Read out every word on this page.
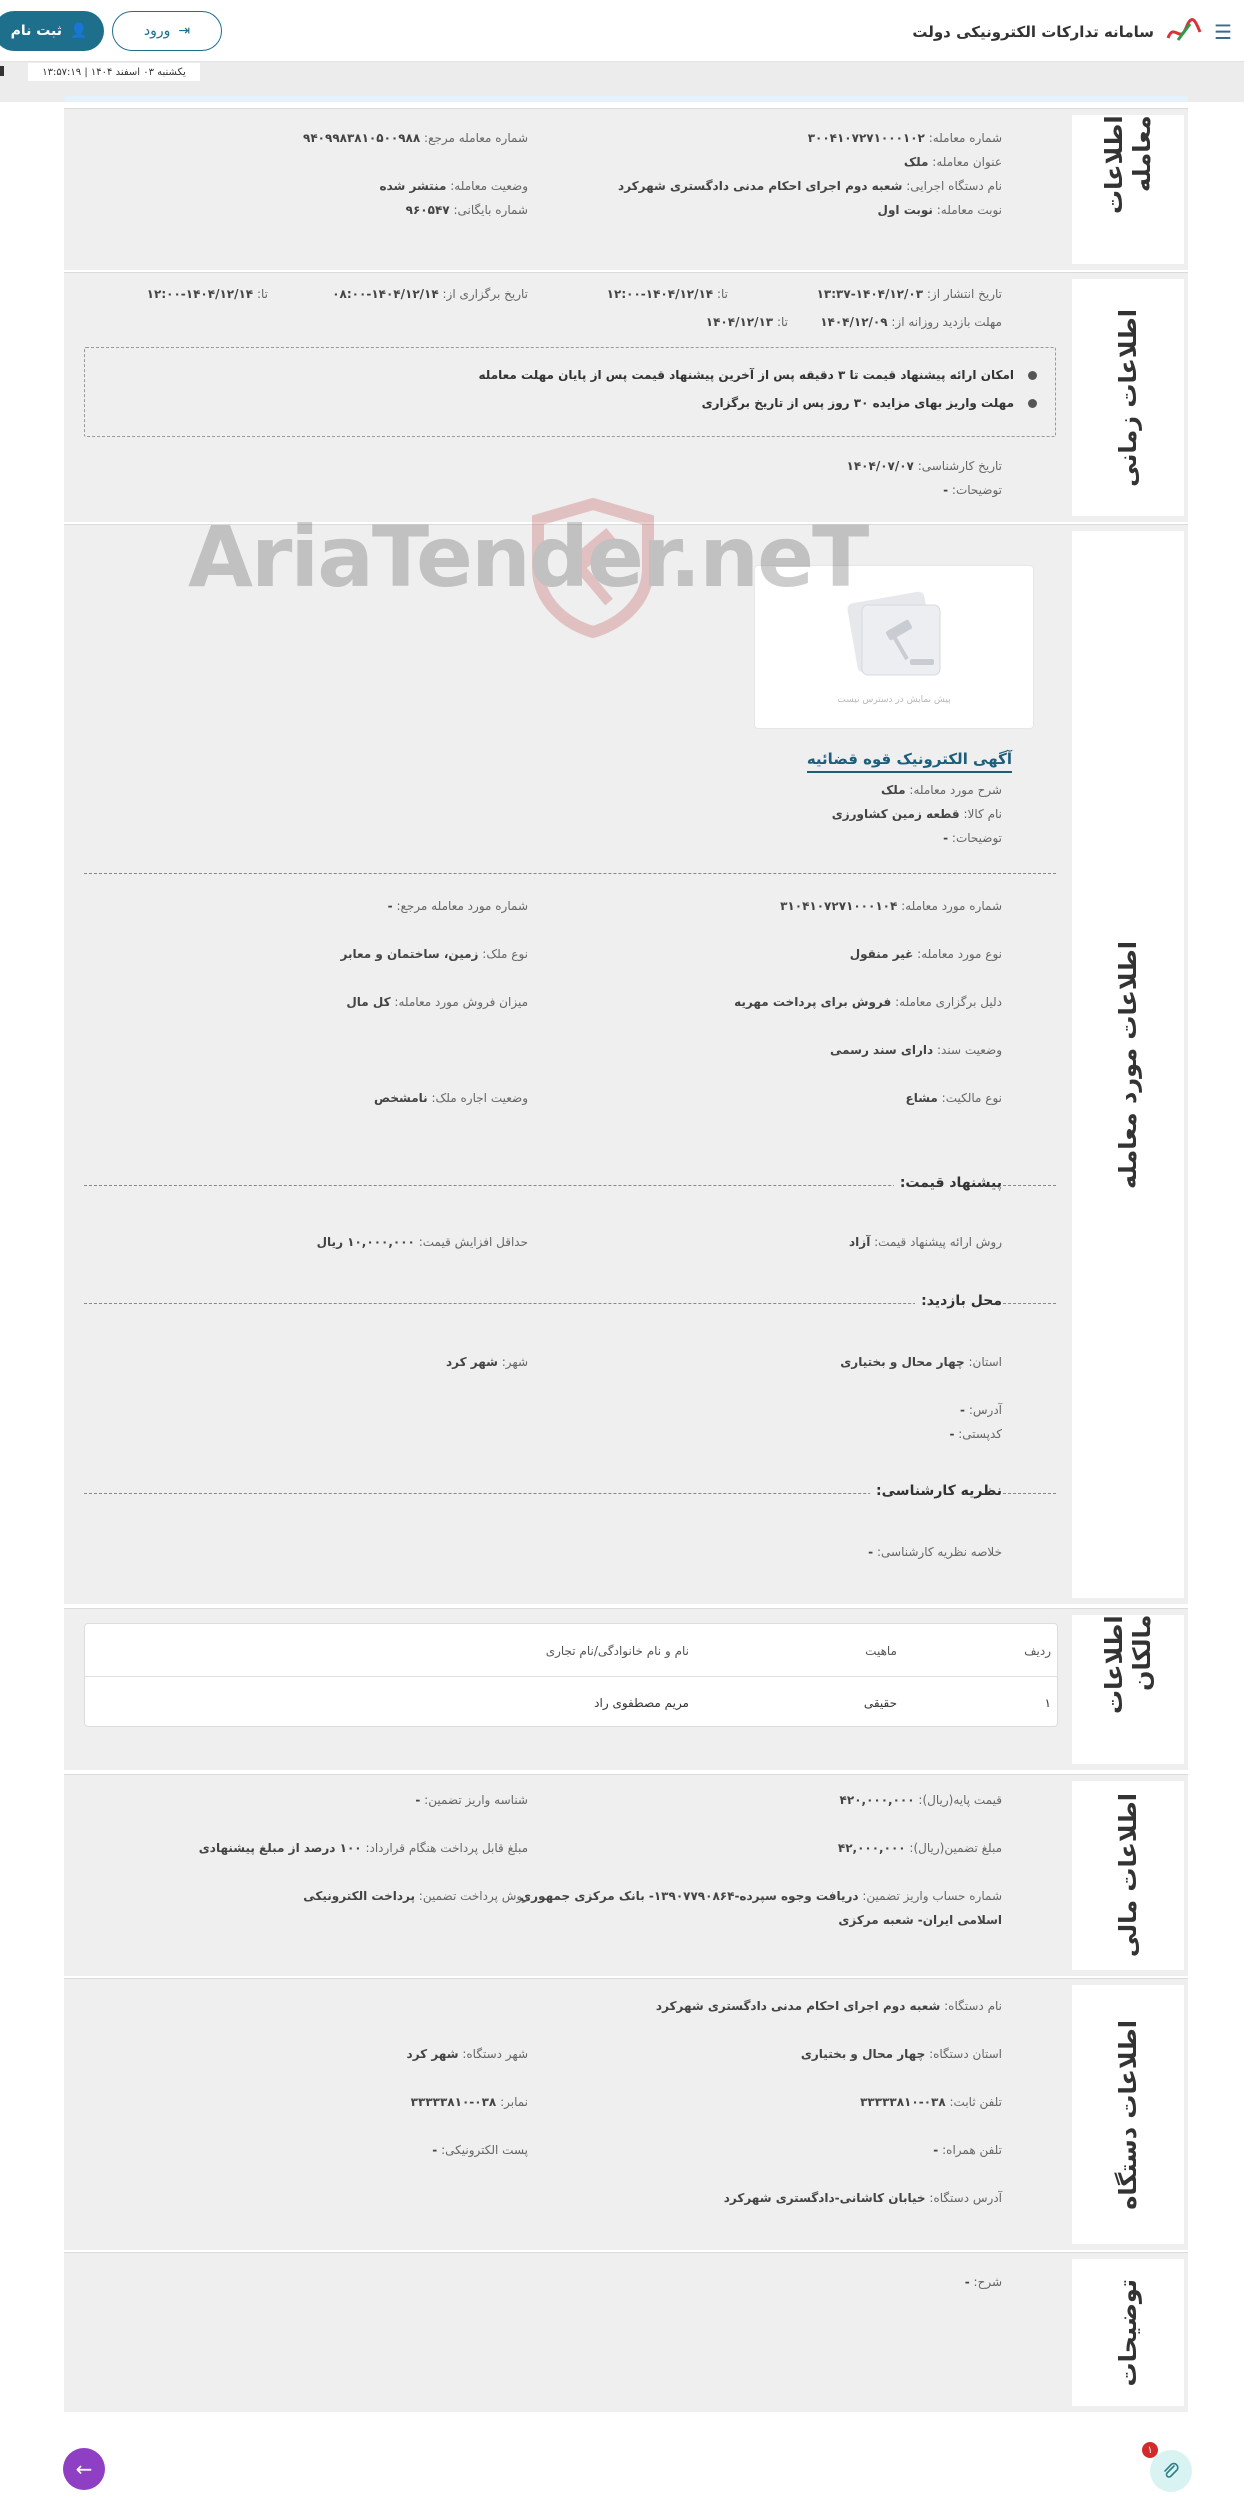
☰
سامانه تدارکات الکترونیکی دولت
⇥
ورود
👤
ثبت نام
یکشنبه ۰۳ اسفند ۱۴۰۴ | ۱۳:۵۷:۱۹
اطلاعات معامله
شماره معامله: ۳۰۰۴۱۰۷۲۷۱۰۰۰۱۰۲
شماره معامله مرجع: ۹۴۰۹۹۸۳۸۱۰۵۰۰۹۸۸
عنوان معامله: ملک
نام دستگاه اجرایی: شعبه دوم اجرای احکام مدنی دادگستری شهرکرد
وضعیت معامله: منتشر شده
نوبت معامله: نوبت اول
شماره بایگانی: ۹۶۰۵۴۷
اطلاعات زمانی
تاریخ انتشار از: ۱۴۰۴/۱۲/۰۳-۱۳:۳۷
تا: ۱۴۰۴/۱۲/۱۴-۱۲:۰۰
تاریخ برگزاری از: ۱۴۰۴/۱۲/۱۴-۰۸:۰۰
تا: ۱۴۰۴/۱۲/۱۴-۱۲:۰۰
مهلت بازدید روزانه از: ۱۴۰۴/۱۲/۰۹
تا: ۱۴۰۴/۱۲/۱۳
امکان ارائه پیشنهاد قیمت تا ۳ دقیقه پس از آخرین پیشنهاد قیمت پس از پایان مهلت معامله
مهلت واریز بهای مزایده ۳۰ روز پس از تاریخ برگزاری
تاریخ کارشناسی: ۱۴۰۴/۰۷/۰۷
توضیحات: -
اطلاعات مورد معامله
پیش نمایش در دسترس نیست
آگهی الکترونیک قوه قضائیه
شرح مورد معامله: ملک
نام کالا: قطعه زمین کشاورزی
توضیحات: -
شماره مورد معامله: ۳۱۰۴۱۰۷۲۷۱۰۰۰۱۰۴
شماره مورد معامله مرجع: -
نوع مورد معامله: غیر منقول
نوع ملک: زمین، ساختمان و معابر
دلیل برگزاری معامله: فروش برای پرداخت مهریه
میزان فروش مورد معامله: کل مال
وضعیت سند: دارای سند رسمی
نوع مالکیت: مشاع
وضعیت اجاره ملک: نامشخص
پیشنهاد قیمت:
روش ارائه پیشنهاد قیمت: آزاد
حداقل افزایش قیمت: ۱۰,۰۰۰,۰۰۰ ریال
محل بازدید:
استان: چهار محال و بختیاری
شهر: شهر کرد
آدرس: -
کدپستی: -
نظریه کارشناسی:
خلاصه نظریه کارشناسی: -
AriaTender.neT
اطلاعات مالکان
ردیف
ماهیت
نام و نام خانوادگی/نام تجاری
۱
حقیقی
مریم مصطفوی راد
اطلاعات مالی
قیمت پایه(ریال): ۴۲۰,۰۰۰,۰۰۰
شناسه واریز تضمین: -
مبلغ تضمین(ریال): ۴۲,۰۰۰,۰۰۰
مبلغ قابل پرداخت هنگام قرارداد: ۱۰۰ درصد از مبلغ پیشنهادی
شماره حساب واریز تضمین: دریافت وجوه سپرده-۱۳۹۰۷۷۹۰۸۶۴- بانک مرکزی جمهوری
اسلامی ایران- شعبه مرکزی
روش پرداخت تضمین: پرداخت الکترونیکی
اطلاعات دستگاه
نام دستگاه: شعبه دوم اجرای احکام مدنی دادگستری شهرکرد
استان دستگاه: چهار محال و بختیاری
شهر دستگاه: شهر کرد
تلفن ثابت: ۰۳۸-۳۳۳۳۳۸۱۰
نمابر: ۰۳۸-۳۳۳۳۳۸۱۰
تلفن همراه: -
پست الکترونیکی: -
آدرس دستگاه: خیابان کاشانی-دادگستری شهرکرد
توضیحات
شرح: -
←
۱
